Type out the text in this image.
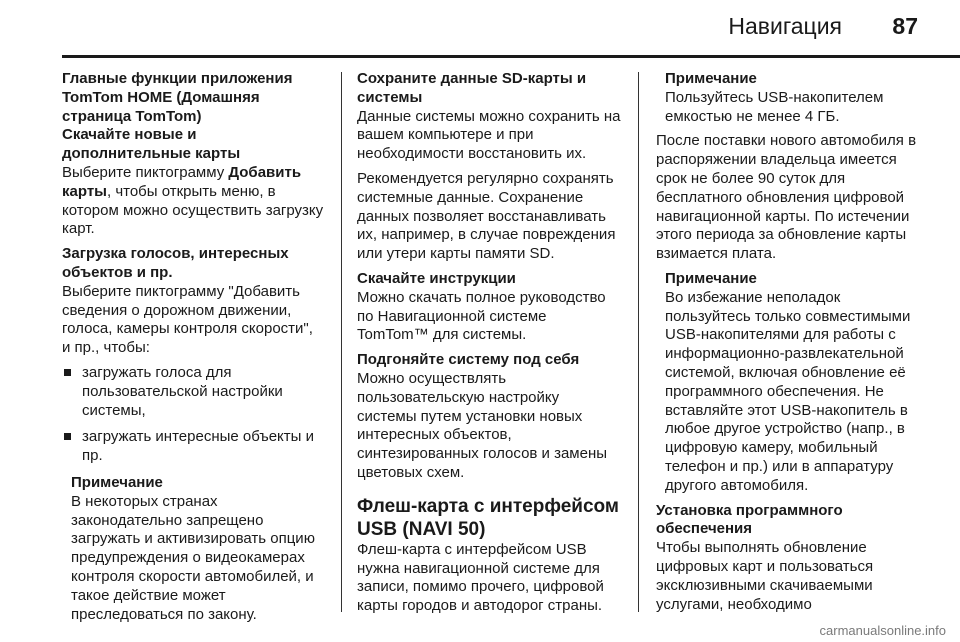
Навигация 87

Главные функции приложения TomTom HOME (Домашняя страница TomTom)

Скачайте новые и дополнительные карты

Выберите пиктограмму Добавить карты, чтобы открыть меню, в котором можно осуществить загрузку карт.

Загрузка голосов, интересных объектов и пр.

Выберите пиктограмму "Добавить сведения о дорожном движении, голоса, камеры контроля скорости", и пр., чтобы:

загружать голоса для пользовательской настройки системы,
загружать интересные объекты и пр.

Примечание

В некоторых странах законодательно запрещено загружать и активизировать опцию предупреждения о видеокамерах контроля скорости автомобилей, и такое действие может преследоваться по закону.

Сохраните данные SD-карты и системы

Данные системы можно сохранить на вашем компьютере и при необходимости восстановить их.

Рекомендуется регулярно сохранять системные данные. Сохранение данных позволяет восстанавливать их, например, в случае повреждения или утери карты памяти SD.

Скачайте инструкции

Можно скачать полное руководство по Навигационной системе TomTom™ для системы.

Подгоняйте систему под себя

Можно осуществлять пользовательскую настройку системы путем установки новых интересных объектов, синтезированных голосов и замены цветовых схем.

Флеш-карта с интерфейсом USB (NAVI 50)

Флеш-карта с интерфейсом USB нужна навигационной системе для записи, помимо прочего, цифровой карты городов и автодорог страны.

Примечание

Пользуйтесь USB-накопителем емкостью не менее 4 ГБ.

После поставки нового автомобиля в распоряжении владельца имеется срок не более 90 суток для бесплатного обновления цифровой навигационной карты. По истечении этого периода за обновление карты взимается плата.

Примечание

Во избежание неполадок пользуйтесь только совместимыми USB-накопителями для работы с информационно-развлекательной системой, включая обновление её программного обеспечения. Не вставляйте этот USB-накопитель в любое другое устройство (напр., в цифровую камеру, мобильный телефон и пр.) или в аппаратуру другого автомобиля.

Установка программного обеспечения

Чтобы выполнять обновление цифровых карт и пользоваться эксклюзивными скачиваемыми услугами, необходимо

carmanualsonline.info
